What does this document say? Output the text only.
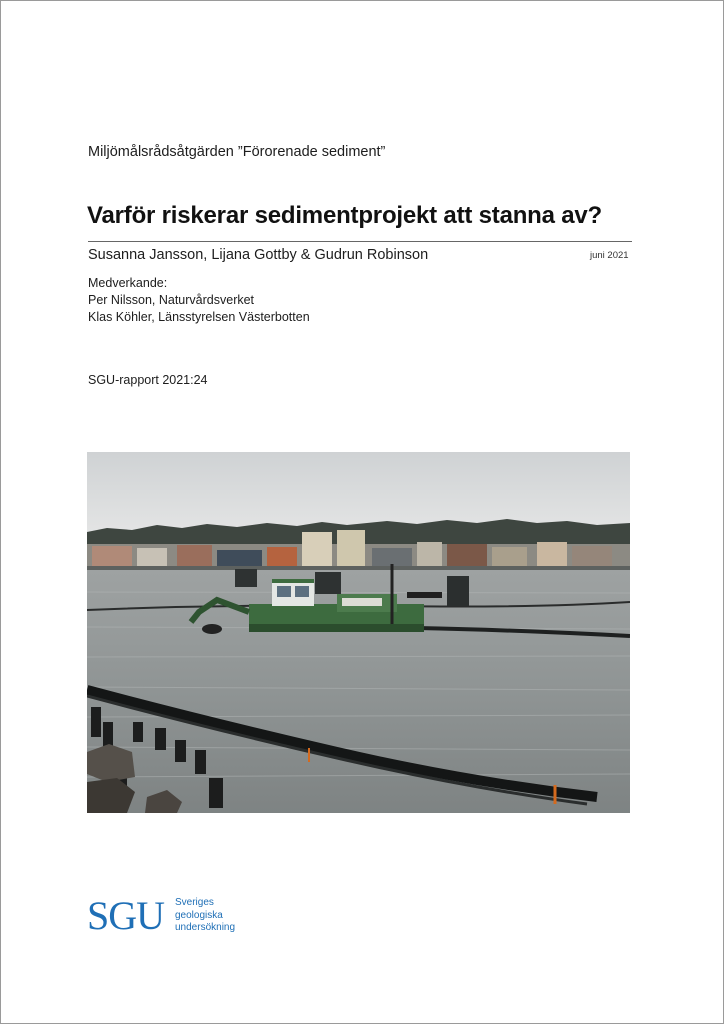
Miljömålsrådsåtgärden ”Förorenade sediment”
Varför riskerar sedimentprojekt att stanna av?
Susanna Jansson, Lijana Gottby & Gudrun Robinson	juni 2021
Medverkande:
Per Nilsson, Naturvårdsverket
Klas Köhler, Länsstyrelsen Västerbotten
SGU-rapport 2021:24
SGU Sveriges
geologiska
undersökning
